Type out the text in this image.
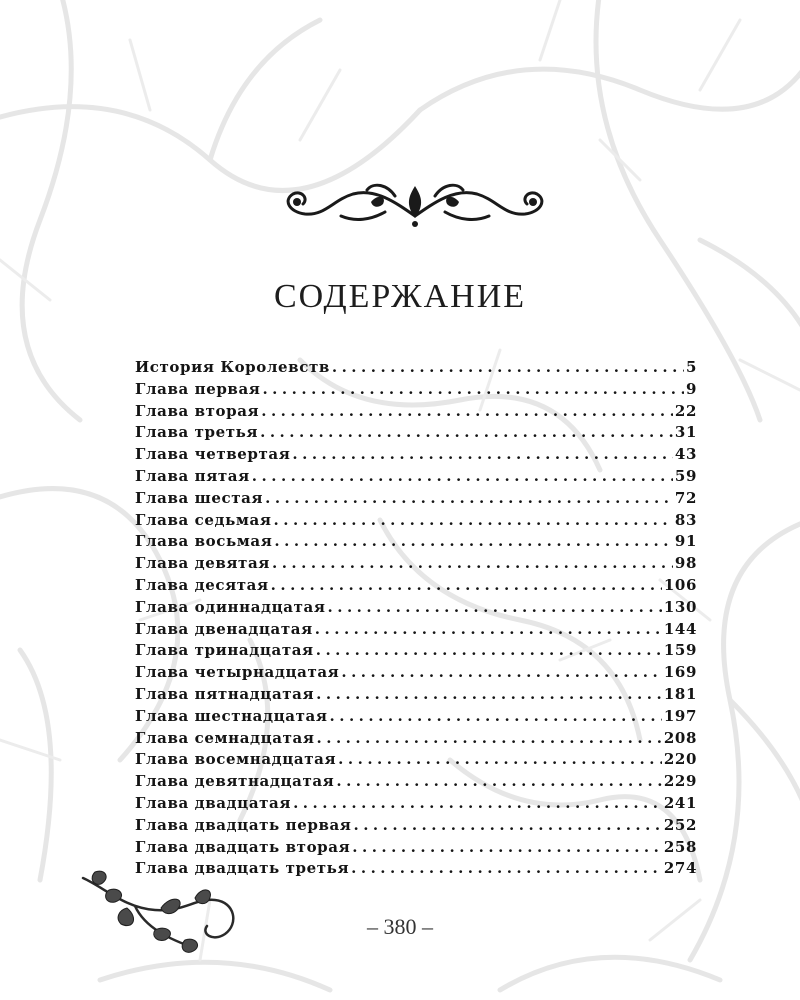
СОДЕРЖАНИЕ
История Королевств .....	5
Глава первая .....	9
Глава вторая .....	22
Глава третья .....	31
Глава четвертая .....	43
Глава пятая .....	59
Глава шестая .....	72
Глава седьмая .....	83
Глава восьмая .....	91
Глава девятая .....	98
Глава десятая .....	106
Глава одиннадцатая .....	130
Глава двенадцатая .....	144
Глава тринадцатая .....	159
Глава четырнадцатая .....	169
Глава пятнадцатая .....	181
Глава шестнадцатая .....	197
Глава семнадцатая .....	208
Глава восемнадцатая .....	220
Глава девятнадцатая .....	229
Глава двадцатая .....	241
Глава двадцать первая .....	252
Глава двадцать вторая .....	258
Глава двадцать третья .....	274
– 380 –
